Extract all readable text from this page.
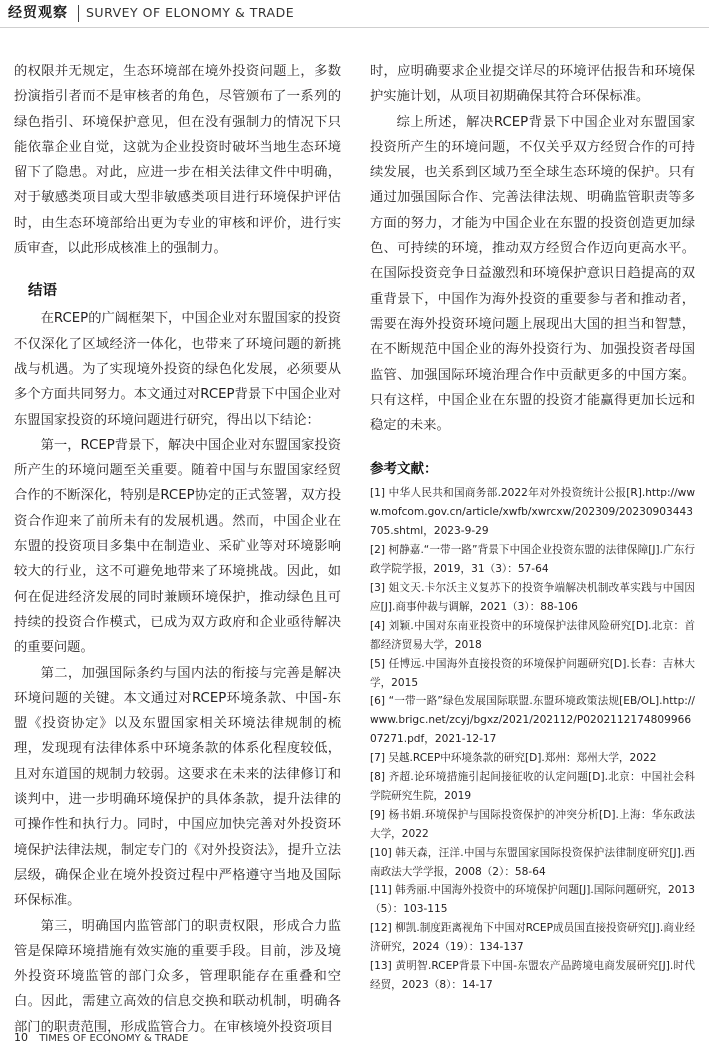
经贸观察	SURVEY OF ELONOMY & TRADE

的权限并无规定，生态环境部在境外投资问题上，多数扮演指引者而不是审核者的角色，尽管颁布了一系列的绿色指引、环境保护意见，但在没有强制力的情况下只能依靠企业自觉，这就为企业投资时破坏当地生态环境留下了隐患。对此，应进一步在相关法律文件中明确，对于敏感类项目或大型非敏感类项目进行环境保护评估时，由生态环境部给出更为专业的审核和评价，进行实质审查，以此形成核准上的强制力。

结语

在RCEP的广阔框架下，中国企业对东盟国家的投资不仅深化了区域经济一体化，也带来了环境问题的新挑战与机遇。为了实现境外投资的绿色化发展，必须要从多个方面共同努力。本文通过对RCEP背景下中国企业对东盟国家投资的环境问题进行研究，得出以下结论：

第一，RCEP背景下，解决中国企业对东盟国家投资所产生的环境问题至关重要。随着中国与东盟国家经贸合作的不断深化，特别是RCEP协定的正式签署，双方投资合作迎来了前所未有的发展机遇。然而，中国企业在东盟的投资项目多集中在制造业、采矿业等对环境影响较大的行业，这不可避免地带来了环境挑战。因此，如何在促进经济发展的同时兼顾环境保护，推动绿色且可持续的投资合作模式，已成为双方政府和企业亟待解决的重要问题。

第二，加强国际条约与国内法的衔接与完善是解决环境问题的关键。本文通过对RCEP环境条款、中国-东盟《投资协定》以及东盟国家相关环境法律规制的梳理，发现现有法律体系中环境条款的体系化程度较低，且对东道国的规制力较弱。这要求在未来的法律修订和谈判中，进一步明确环境保护的具体条款，提升法律的可操作性和执行力。同时，中国应加快完善对外投资环境保护法律法规，制定专门的《对外投资法》，提升立法层级，确保企业在境外投资过程中严格遵守当地及国际环保标准。

第三，明确国内监管部门的职责权限，形成合力监管是保障环境措施有效实施的重要手段。目前，涉及境外投资环境监管的部门众多，管理职能存在重叠和空白。因此，需建立高效的信息交换和联动机制，明确各部门的职责范围，形成监管合力。在审核境外投资项目

时，应明确要求企业提交详尽的环境评估报告和环境保护实施计划，从项目初期确保其符合环保标准。

综上所述，解决RCEP背景下中国企业对东盟国家投资所产生的环境问题，不仅关乎双方经贸合作的可持续发展，也关系到区域乃至全球生态环境的保护。只有通过加强国际合作、完善法律法规、明确监管职责等多方面的努力，才能为中国企业在东盟的投资创造更加绿色、可持续的环境，推动双方经贸合作迈向更高水平。在国际投资竞争日益激烈和环境保护意识日趋提高的双重背景下，中国作为海外投资的重要参与者和推动者，需要在海外投资环境问题上展现出大国的担当和智慧，在不断规范中国企业的海外投资行为、加强投资者母国监管、加强国际环境治理合作中贡献更多的中国方案。只有这样，中国企业在东盟的投资才能赢得更加长远和稳定的未来。

参考文献：
[1] 中华人民共和国商务部.2022年对外投资统计公报[R].http://www.mofcom.gov.cn/article/xwfb/xwrcxw/202309/20230903443705.shtml，2023-9-29
[2] 柯静嘉.“一带一路”背景下中国企业投资东盟的法律保障[J].广东行政学院学报，2019，31（3）：57-64
[3] 姐文天.卡尔沃主义复苏下的投资争端解决机制改革实践与中国因应[J].商事仲裁与调解，2021（3）：88-106
[4] 刘颖.中国对东南亚投资中的环境保护法律风险研究[D].北京：首都经济贸易大学，2018
[5] 任博远.中国海外直接投资的环境保护问题研究[D].长春：吉林大学，2015
[6] “一带一路”绿色发展国际联盟.东盟环境政策法规[EB/OL].http://www.brigc.net/zcyj/bgxz/2021/202112/P020211217480996607271.pdf，2021-12-17
[7] 吴越.RCEP中环境条款的研究[D].郑州：郑州大学，2022
[8] 齐超.论环境措施引起间接征收的认定问题[D].北京：中国社会科学院研究生院，2019
[9] 杨书娟.环境保护与国际投资保护的冲突分析[D].上海：华东政法大学，2022
[10] 韩天森，汪洋.中国与东盟国家国际投资保护法律制度研究[J].西南政法大学学报，2008（2）：58-64
[11] 韩秀丽.中国海外投资中的环境保护问题[J].国际问题研究，2013（5）：103-115
[12] 柳凯.制度距离视角下中国对RCEP成员国直接投资研究[J].商业经济研究，2024（19）：134-137
[13] 黄明智.RCEP背景下中国-东盟农产品跨境电商发展研究[J].时代经贸，2023（8）：14-17
10 TIMES OF ECONOMY & TRADE
